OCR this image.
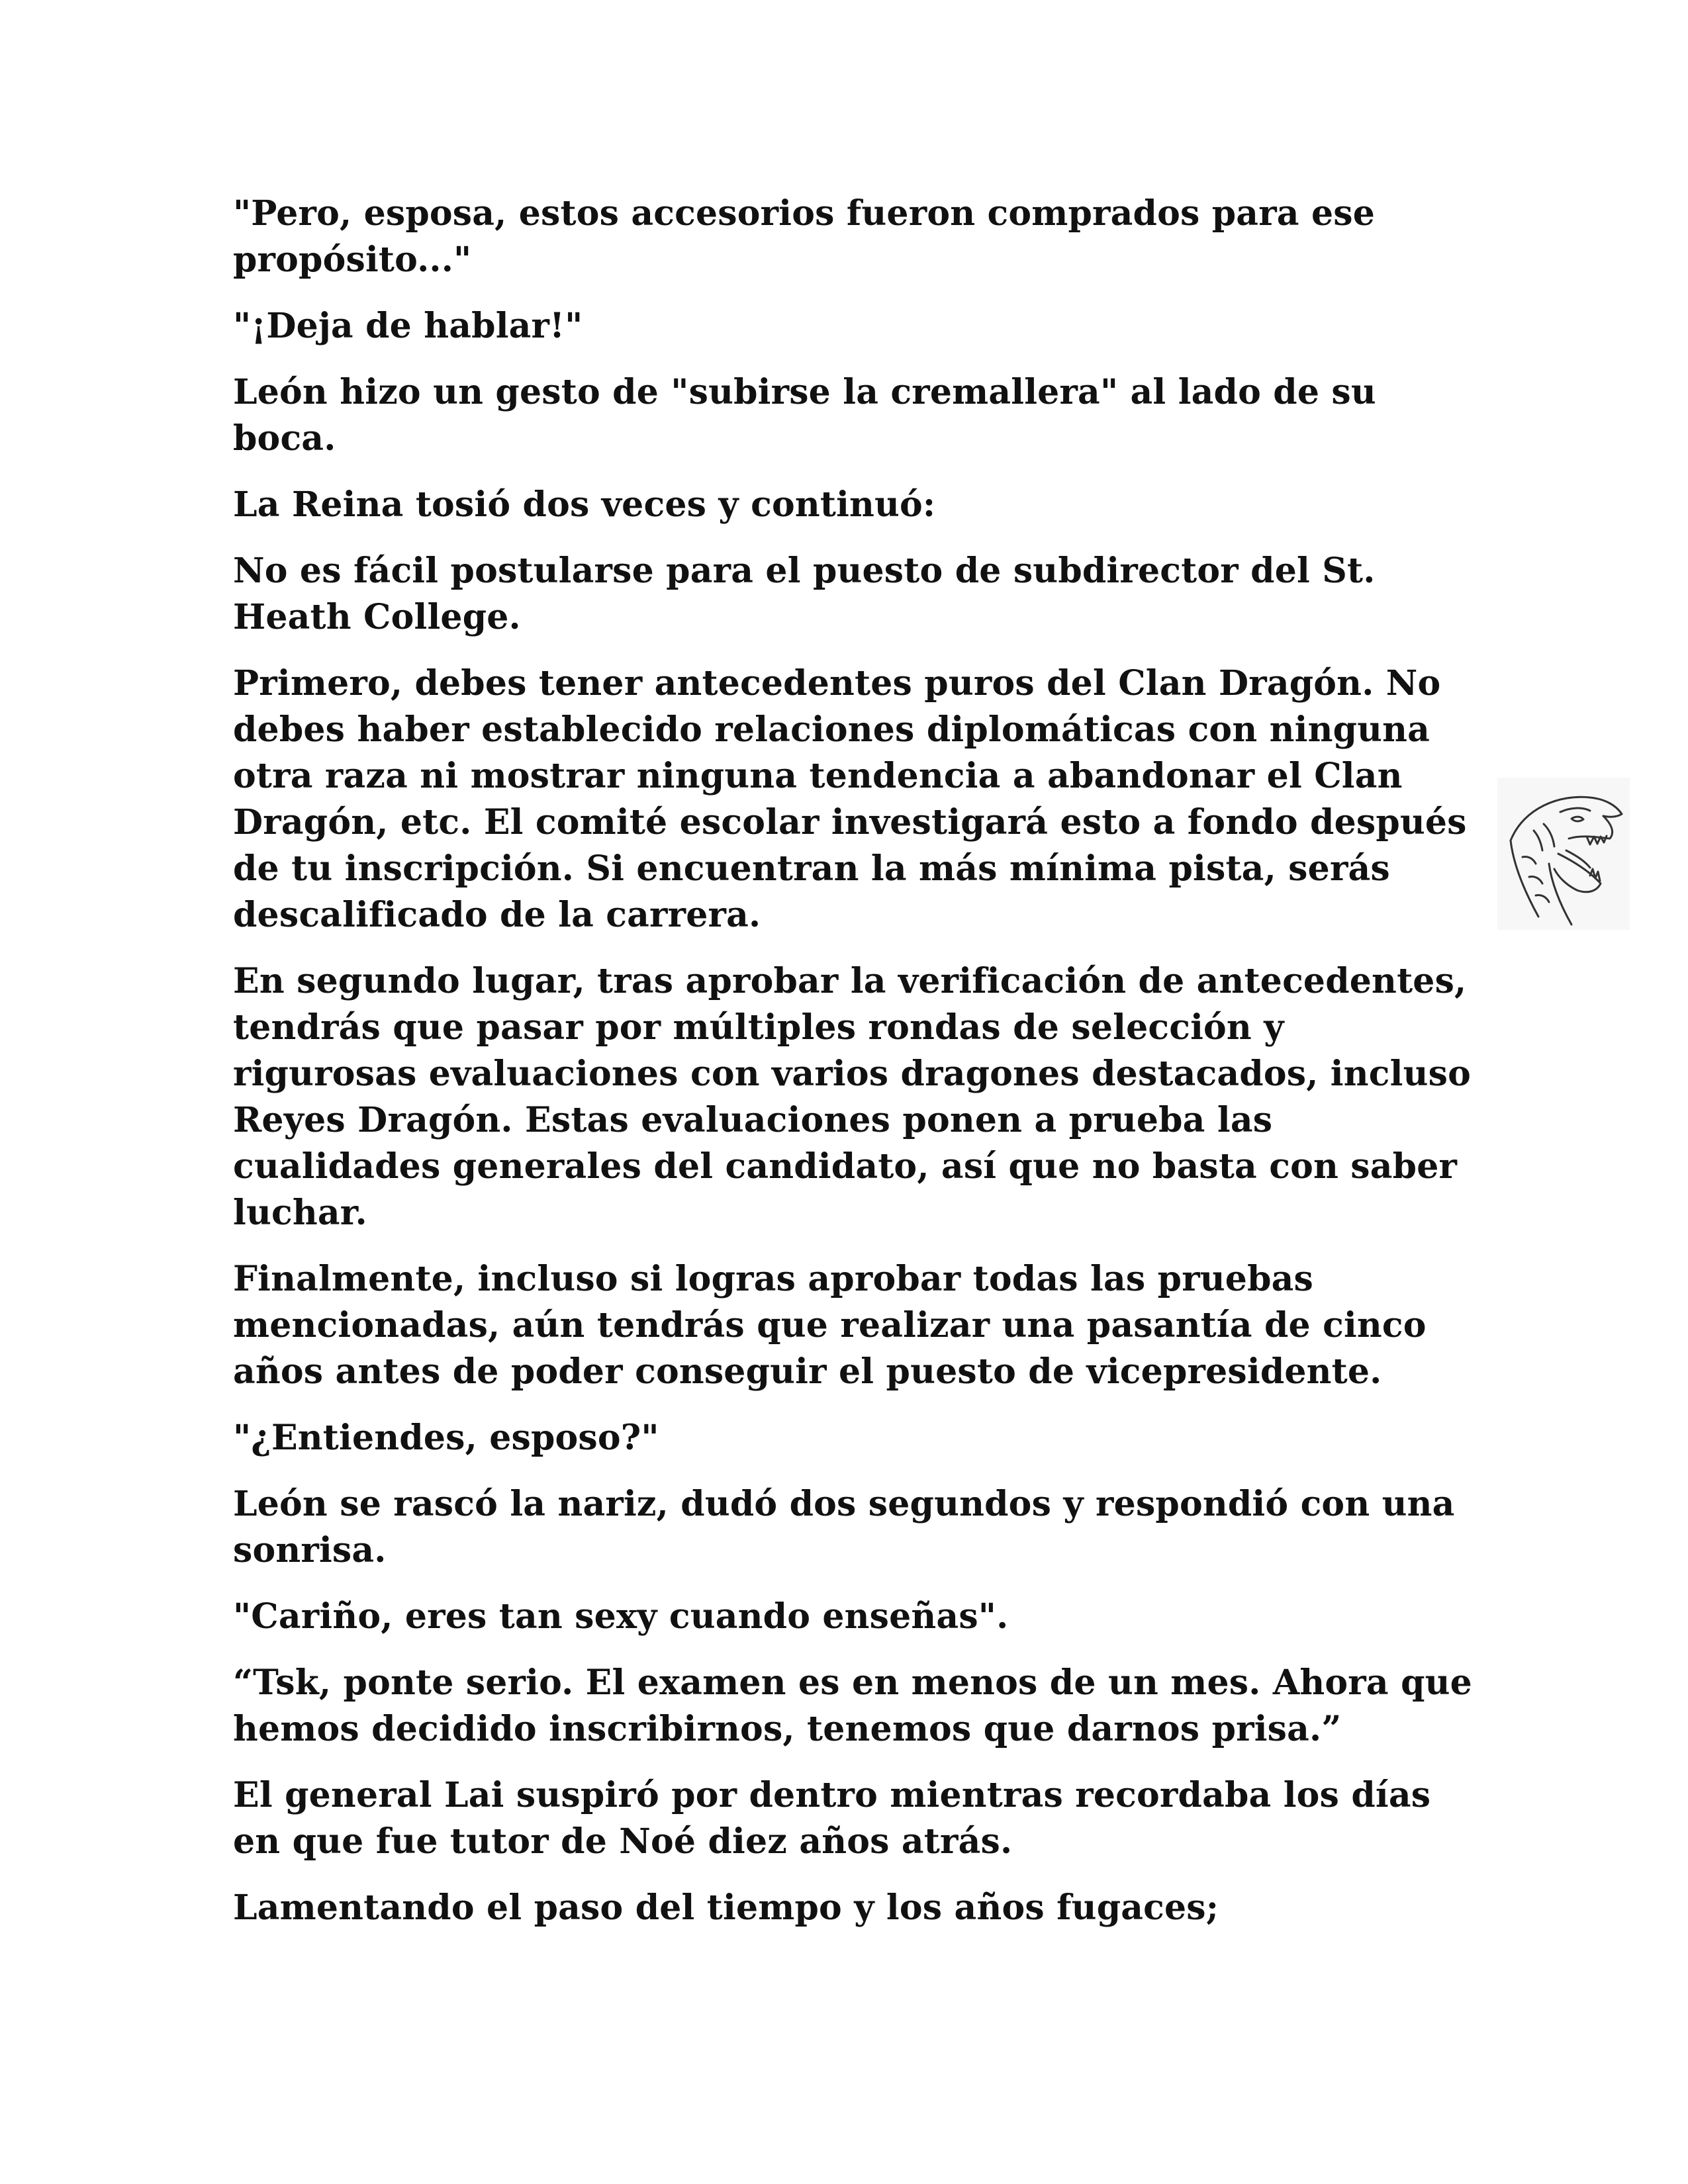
"Pero, esposa, estos accesorios fueron comprados para ese propósito..."

"¡Deja de hablar!"

León hizo un gesto de "subirse la cremallera" al lado de su boca.

La Reina tosió dos veces y continuó:

No es fácil postularse para el puesto de subdirector del St. Heath College.

Primero, debes tener antecedentes puros del Clan Dragón. No debes haber establecido relaciones diplomáticas con ninguna otra raza ni mostrar ninguna tendencia a abandonar el Clan Dragón, etc. El comité escolar investigará esto a fondo después de tu inscripción. Si encuentran la más mínima pista, serás descalificado de la carrera.

En segundo lugar, tras aprobar la verificación de antecedentes, tendrás que pasar por múltiples rondas de selección y rigurosas evaluaciones con varios dragones destacados, incluso Reyes Dragón. Estas evaluaciones ponen a prueba las cualidades generales del candidato, así que no basta con saber luchar.

Finalmente, incluso si logras aprobar todas las pruebas mencionadas, aún tendrás que realizar una pasantía de cinco años antes de poder conseguir el puesto de vicepresidente.

"¿Entiendes, esposo?"

León se rascó la nariz, dudó dos segundos y respondió con una sonrisa.

"Cariño, eres tan sexy cuando enseñas".

“Tsk, ponte serio. El examen es en menos de un mes. Ahora que hemos decidido inscribirnos, tenemos que darnos prisa.”

El general Lai suspiró por dentro mientras recordaba los días en que fue tutor de Noé diez años atrás.

Lamentando el paso del tiempo y los años fugaces;
